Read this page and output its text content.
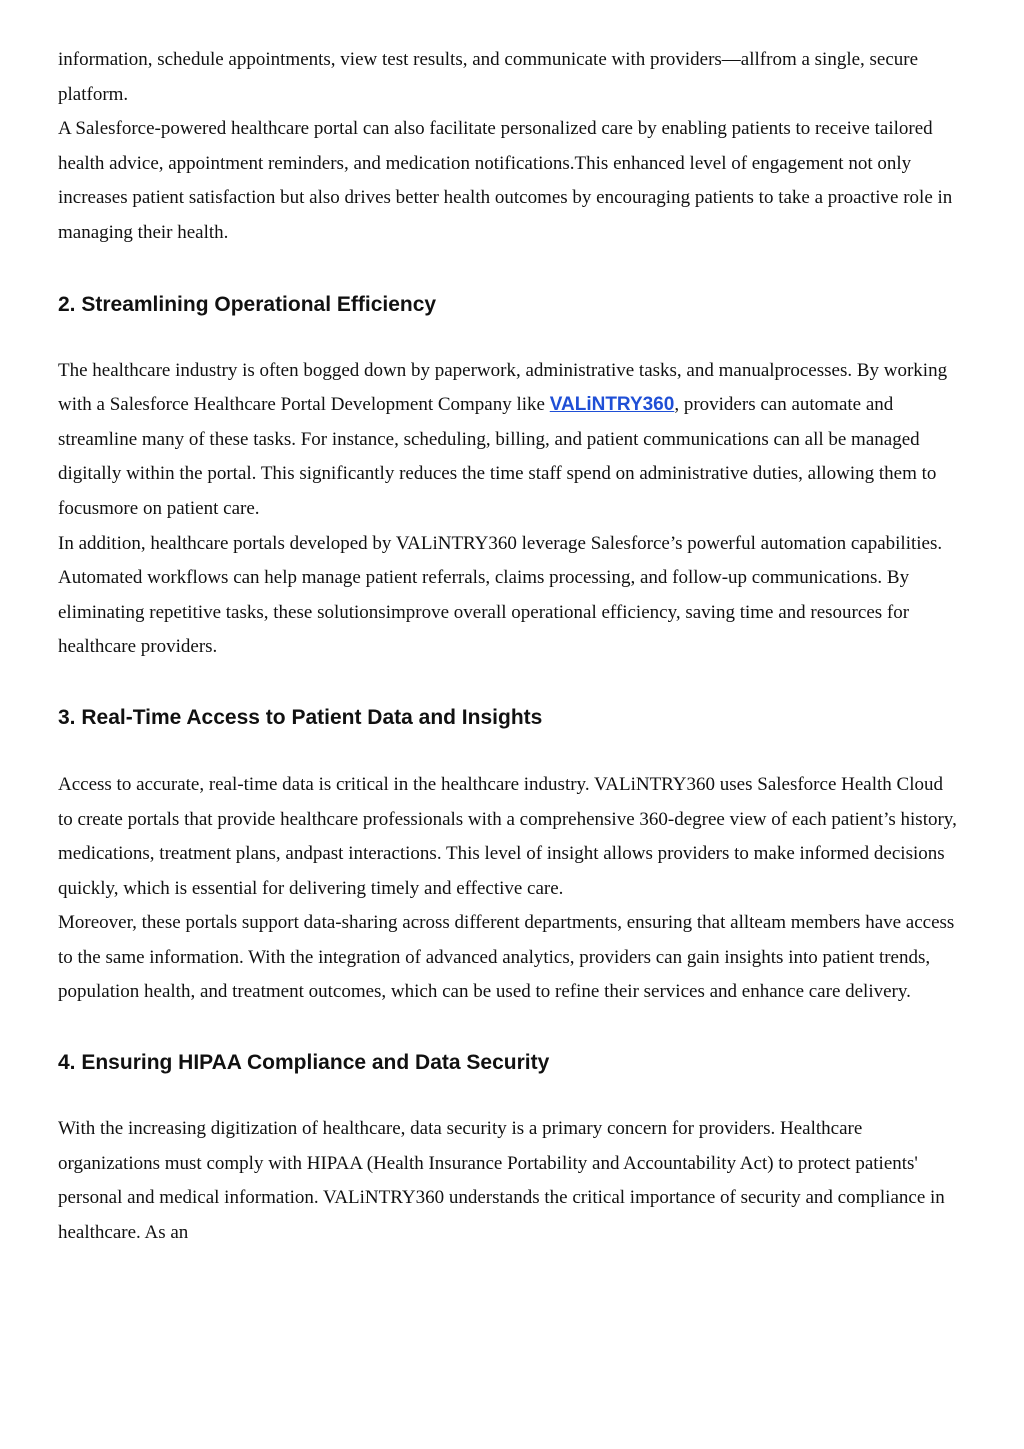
information, schedule appointments, view test results, and communicate with providers—allfrom a single, secure platform.

A Salesforce-powered healthcare portal can also facilitate personalized care by enabling patients to receive tailored health advice, appointment reminders, and medication notifications.This enhanced level of engagement not only increases patient satisfaction but also drives better health outcomes by encouraging patients to take a proactive role in managing their health.

2. Streamlining Operational Efficiency

The healthcare industry is often bogged down by paperwork, administrative tasks, and manualprocesses. By working with a Salesforce Healthcare Portal Development Company like VALiNTRY360, providers can automate and streamline many of these tasks. For instance, scheduling, billing, and patient communications can all be managed digitally within the portal. This significantly reduces the time staff spend on administrative duties, allowing them to focusmore on patient care.

In addition, healthcare portals developed by VALiNTRY360 leverage Salesforce’s powerful automation capabilities. Automated workflows can help manage patient referrals, claims processing, and follow-up communications. By eliminating repetitive tasks, these solutionsimprove overall operational efficiency, saving time and resources for healthcare providers.

3. Real-Time Access to Patient Data and Insights

Access to accurate, real-time data is critical in the healthcare industry. VALiNTRY360 uses Salesforce Health Cloud to create portals that provide healthcare professionals with a comprehensive 360-degree view of each patient’s history, medications, treatment plans, andpast interactions. This level of insight allows providers to make informed decisions quickly, which is essential for delivering timely and effective care.

Moreover, these portals support data-sharing across different departments, ensuring that allteam members have access to the same information. With the integration of advanced analytics, providers can gain insights into patient trends, population health, and treatment outcomes, which can be used to refine their services and enhance care delivery.

4. Ensuring HIPAA Compliance and Data Security

With the increasing digitization of healthcare, data security is a primary concern for providers. Healthcare organizations must comply with HIPAA (Health Insurance Portability and Accountability Act) to protect patients' personal and medical information. VALiNTRY360 understands the critical importance of security and compliance in healthcare. As an
